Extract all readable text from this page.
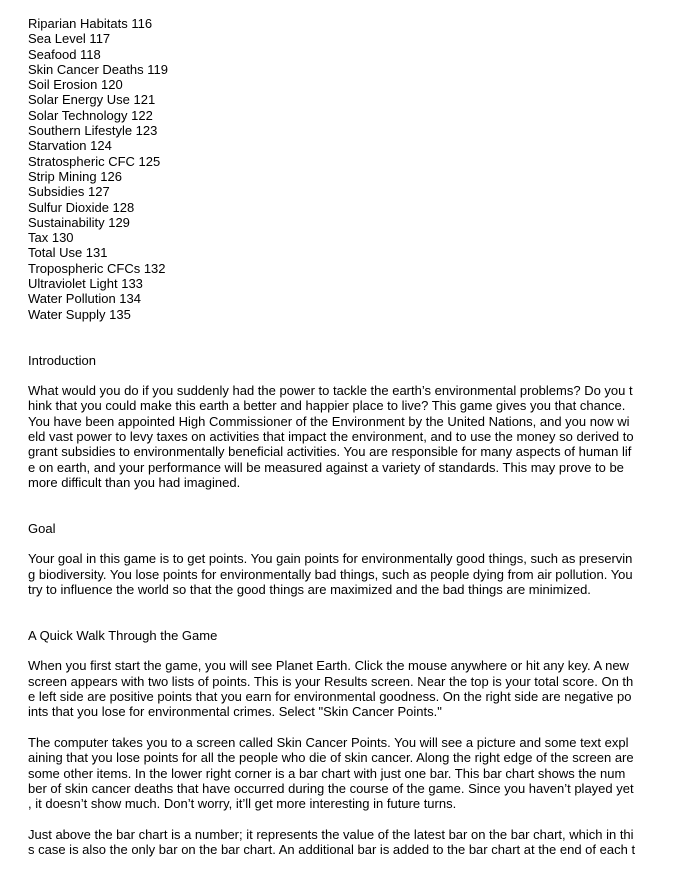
Riparian Habitats 116
Sea Level 117
Seafood 118
Skin Cancer Deaths 119
Soil Erosion 120
Solar Energy Use 121
Solar Technology 122
Southern Lifestyle 123
Starvation 124
Stratospheric CFC 125
Strip Mining 126
Subsidies 127
Sulfur Dioxide 128
Sustainability 129
Tax 130
Total Use 131
Tropospheric CFCs 132
Ultraviolet Light 133
Water Pollution 134
Water Supply 135

Introduction

What would you do if you suddenly had the power to tackle the earth’s environmental problems? Do you t
hink that you could make this earth a better and happier place to live? This game gives you that chance.
You have been appointed High Commissioner of the Environment by the United Nations, and you now wi
eld vast power to levy taxes on activities that impact the environment, and to use the money so derived to
grant subsidies to environmentally beneficial activities. You are responsible for many aspects of human lif
e on earth, and your performance will be measured against a variety of standards. This may prove to be
more difficult than you had imagined.

Goal

Your goal in this game is to get points. You gain points for environmentally good things, such as preservin
g biodiversity. You lose points for environmentally bad things, such as people dying from air pollution. You
try to influence the world so that the good things are maximized and the bad things are minimized.

A Quick Walk Through the Game

When you first start the game, you will see Planet Earth. Click the mouse anywhere or hit any key. A new
screen appears with two lists of points. This is your Results screen. Near the top is your total score. On th
e left side are positive points that you earn for environmental goodness. On the right side are negative po
ints that you lose for environmental crimes. Select "Skin Cancer Points."

The computer takes you to a screen called Skin Cancer Points. You will see a picture and some text expl
aining that you lose points for all the people who die of skin cancer. Along the right edge of the screen are
some other items. In the lower right corner is a bar chart with just one bar. This bar chart shows the num
ber of skin cancer deaths that have occurred during the course of the game. Since you haven’t played yet
, it doesn’t show much. Don’t worry, it’ll get more interesting in future turns.

Just above the bar chart is a number; it represents the value of the latest bar on the bar chart, which in thi
s case is also the only bar on the bar chart. An additional bar is added to the bar chart at the end of each t
